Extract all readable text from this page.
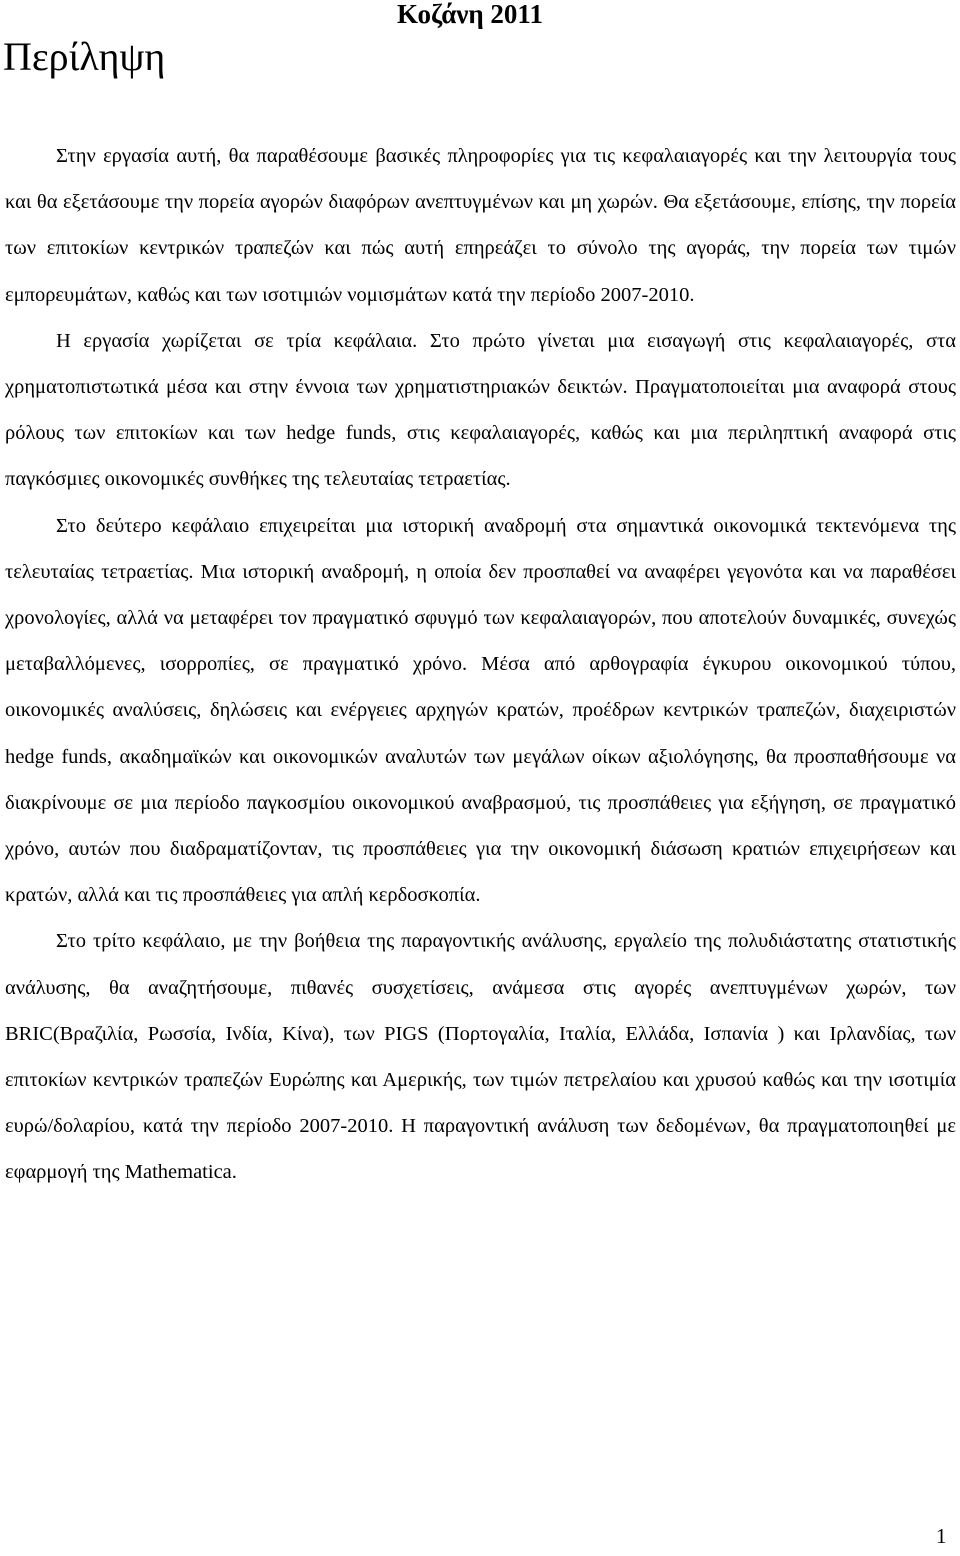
Κοζάνη 2011
Περίληψη

Στην εργασία αυτή, θα παραθέσουμε βασικές πληροφορίες για τις κεφαλαιαγορές και την λειτουργία τους και θα εξετάσουμε την πορεία αγορών διαφόρων ανεπτυγμένων και μη χωρών. Θα εξετάσουμε, επίσης, την πορεία των επιτοκίων κεντρικών τραπεζών και πώς αυτή επηρεάζει το σύνολο της αγοράς, την πορεία των τιμών εμπορευμάτων, καθώς και των ισοτιμιών νομισμάτων κατά την περίοδο 2007-2010.

Η εργασία χωρίζεται σε τρία κεφάλαια. Στο πρώτο γίνεται μια εισαγωγή στις κεφαλαιαγορές, στα χρηματοπιστωτικά μέσα και στην έννοια των χρηματιστηριακών δεικτών. Πραγματοποιείται μια αναφορά στους ρόλους των επιτοκίων και των hedge funds, στις κεφαλαιαγορές, καθώς και μια περιληπτική αναφορά στις παγκόσμιες οικονομικές συνθήκες της τελευταίας τετραετίας.

Στο δεύτερο κεφάλαιο επιχειρείται μια ιστορική αναδρομή στα σημαντικά οικονομικά τεκτενόμενα της τελευταίας τετραετίας. Μια ιστορική αναδρομή, η οποία δεν προσπαθεί να αναφέρει γεγονότα και να παραθέσει χρονολογίες, αλλά να μεταφέρει τον πραγματικό σφυγμό των κεφαλαιαγορών, που αποτελούν δυναμικές, συνεχώς μεταβαλλόμενες, ισορροπίες, σε πραγματικό χρόνο. Μέσα από αρθογραφία έγκυρου οικονομικού τύπου, οικονομικές αναλύσεις, δηλώσεις και ενέργειες αρχηγών κρατών, προέδρων κεντρικών τραπεζών, διαχειριστών hedge funds, ακαδημαϊκών και οικονομικών αναλυτών των μεγάλων οίκων αξιολόγησης, θα προσπαθήσουμε να διακρίνουμε σε μια περίοδο παγκοσμίου οικονομικού αναβρασμού, τις προσπάθειες για εξήγηση, σε πραγματικό χρόνο, αυτών που διαδραματίζονταν, τις προσπάθειες για την οικονομική διάσωση κρατιών επιχειρήσεων και κρατών, αλλά και τις προσπάθειες για απλή κερδοσκοπία.

Στο τρίτο κεφάλαιο, με την βοήθεια της παραγοντικής ανάλυσης, εργαλείο της πολυδιάστατης στατιστικής ανάλυσης, θα αναζητήσουμε, πιθανές συσχετίσεις, ανάμεσα στις αγορές ανεπτυγμένων χωρών, των BRIC(Βραζιλία, Ρωσσία, Ινδία, Κίνα), των PIGS (Πορτογαλία, Ιταλία, Ελλάδα, Ισπανία ) και Ιρλανδίας, των επιτοκίων κεντρικών τραπεζών Ευρώπης και Αμερικής, των τιμών πετρελαίου και χρυσού καθώς και την ισοτιμία ευρώ/δολαρίου, κατά την περίοδο 2007-2010. Η παραγοντική ανάλυση των δεδομένων, θα πραγματοποιηθεί με εφαρμογή της Mathematica.

1
